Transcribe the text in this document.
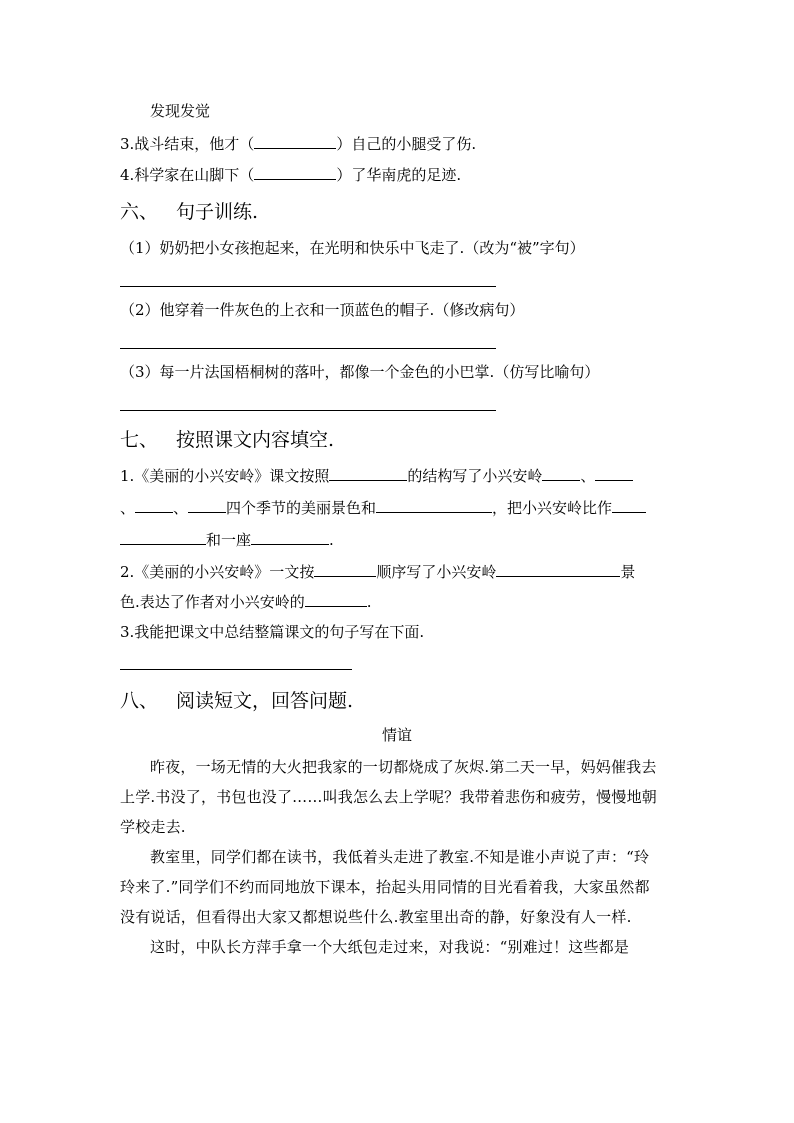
发现发觉
3.战斗结束，他才（	）自己的小腿受了伤.
4.科学家在山脚下（	）了华南虎的足迹.
六、 句子训练.
（1）奶奶把小女孩抱起来，在光明和快乐中飞走了.（改为“被”字句）
（2）他穿着一件灰色的上衣和一顶蓝色的帽子.（修改病句）
（3）每一片法国梧桐树的落叶，都像一个金色的小巴掌.（仿写比喻句）
七、 按照课文内容填空.
1.《美丽的小兴安岭》课文按照	的结构写了小兴安岭	、
、	、	四个季节的美丽景色和	，把小兴安岭比作
和一座	.
2.《美丽的小兴安岭》一文按	顺序写了小兴安岭	景
色.表达了作者对小兴安岭的	.
3.我能把课文中总结整篇课文的句子写在下面.
八、 阅读短文，回答问题.
情谊

昨夜，一场无情的大火把我家的一切都烧成了灰烬.第二天一早，妈妈催我去上学.书没了，书包也没了……叫我怎么去上学呢？我带着悲伤和疲劳，慢慢地朝学校走去.

教室里，同学们都在读书，我低着头走进了教室.不知是谁小声说了声：“玲玲来了.”同学们不约而同地放下课本，抬起头用同情的目光看着我，大家虽然都没有说话，但看得出大家又都想说些什么.教室里出奇的静，好象没有人一样.

这时，中队长方萍手拿一个大纸包走过来，对我说：“别难过！这些都是
